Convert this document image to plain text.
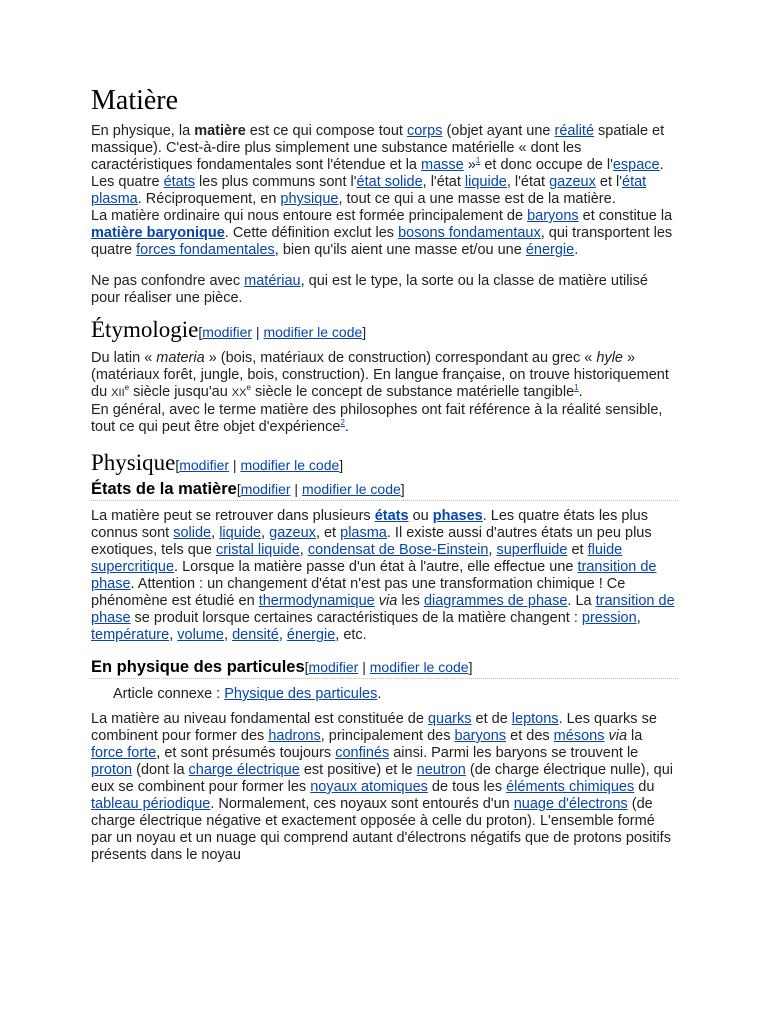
Matière

En physique, la matière est ce qui compose tout corps (objet ayant une réalité spatiale et massique). C'est-à-dire plus simplement une substance matérielle « dont les caractéristiques fondamentales sont l'étendue et la masse »$^1$ et donc occupe de l'espace. Les quatre états les plus communs sont l'état solide, l'état liquide, l'état gazeux et l'état plasma. Réciproquement, en physique, tout ce qui a une masse est de la matière.

La matière ordinaire qui nous entoure est formée principalement de baryons et constitue la matière baryonique. Cette définition exclut les bosons fondamentaux, qui transportent les quatre forces fondamentales, bien qu'ils aient une masse et/ou une énergie.

Ne pas confondre avec matériau, qui est le type, la sorte ou la classe de matière utilisé pour réaliser une pièce.

Étymologie[modifier | modifier le code]

Du latin « materia » (bois, matériaux de construction) correspondant au grec « hyle » (matériaux forêt, jungle, bois, construction). En langue française, on trouve historiquement du XIIe siècle jusqu'au XXe siècle le concept de substance matérielle tangible$^1$.

En général, avec le terme matière des philosophes ont fait référence à la réalité sensible, tout ce qui peut être objet d'expérience$^2$.

Physique[modifier | modifier le code]
États de la matière[modifier | modifier le code]

La matière peut se retrouver dans plusieurs états ou phases. Les quatre états les plus connus sont solide, liquide, gazeux, et plasma. Il existe aussi d'autres états un peu plus exotiques, tels que cristal liquide, condensat de Bose-Einstein, superfluide et fluide supercritique. Lorsque la matière passe d'un état à l'autre, elle effectue une transition de phase. Attention : un changement d'état n'est pas une transformation chimique ! Ce phénomène est étudié en thermodynamique via les diagrammes de phase. La transition de phase se produit lorsque certaines caractéristiques de la matière changent : pression, température, volume, densité, énergie, etc.

En physique des particules[modifier | modifier le code]

Article connexe : Physique des particules.

La matière au niveau fondamental est constituée de quarks et de leptons. Les quarks se combinent pour former des hadrons, principalement des baryons et des mésons via la force forte, et sont présumés toujours confinés ainsi. Parmi les baryons se trouvent le proton (dont la charge électrique est positive) et le neutron (de charge électrique nulle), qui eux se combinent pour former les noyaux atomiques de tous les éléments chimiques du tableau périodique. Normalement, ces noyaux sont entourés d'un nuage d'électrons (de charge électrique négative et exactement opposée à celle du proton). L'ensemble formé par un noyau et un nuage qui comprend autant d'électrons négatifs que de protons positifs présents dans le noyau
